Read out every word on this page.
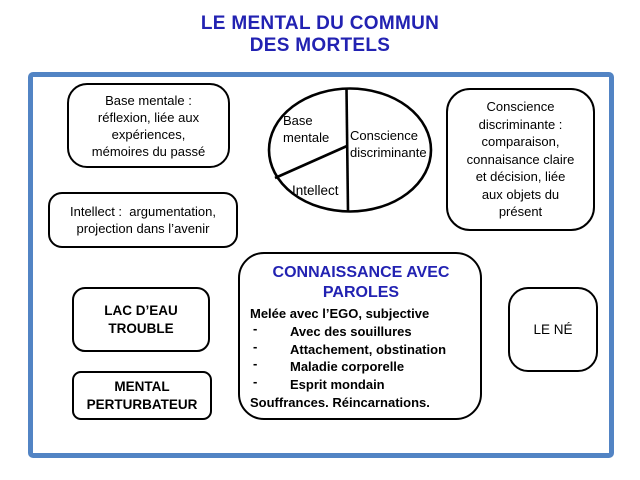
LE MENTAL DU COMMUN
DES MORTELS
Base mentale :
réflexion, liée aux
expériences,
mémoires du passé
Conscience
discriminante :
comparaison,
connaisance claire
et décision, liée
aux objets du
présent
Base
mentale Conscience
discriminante
Intellect
Intellect :  argumentation,
projection dans l’avenir
CONNAISSANCE AVEC
PAROLES
Melée avec l’EGO, subjective
-	Avec des souillures
-	Attachement, obstination
-	Maladie corporelle
-	Esprit mondain
Souffrances. Réincarnations.
LAC D’EAU
TROUBLE
MENTAL
PERTURBATEUR
LE NÉ
